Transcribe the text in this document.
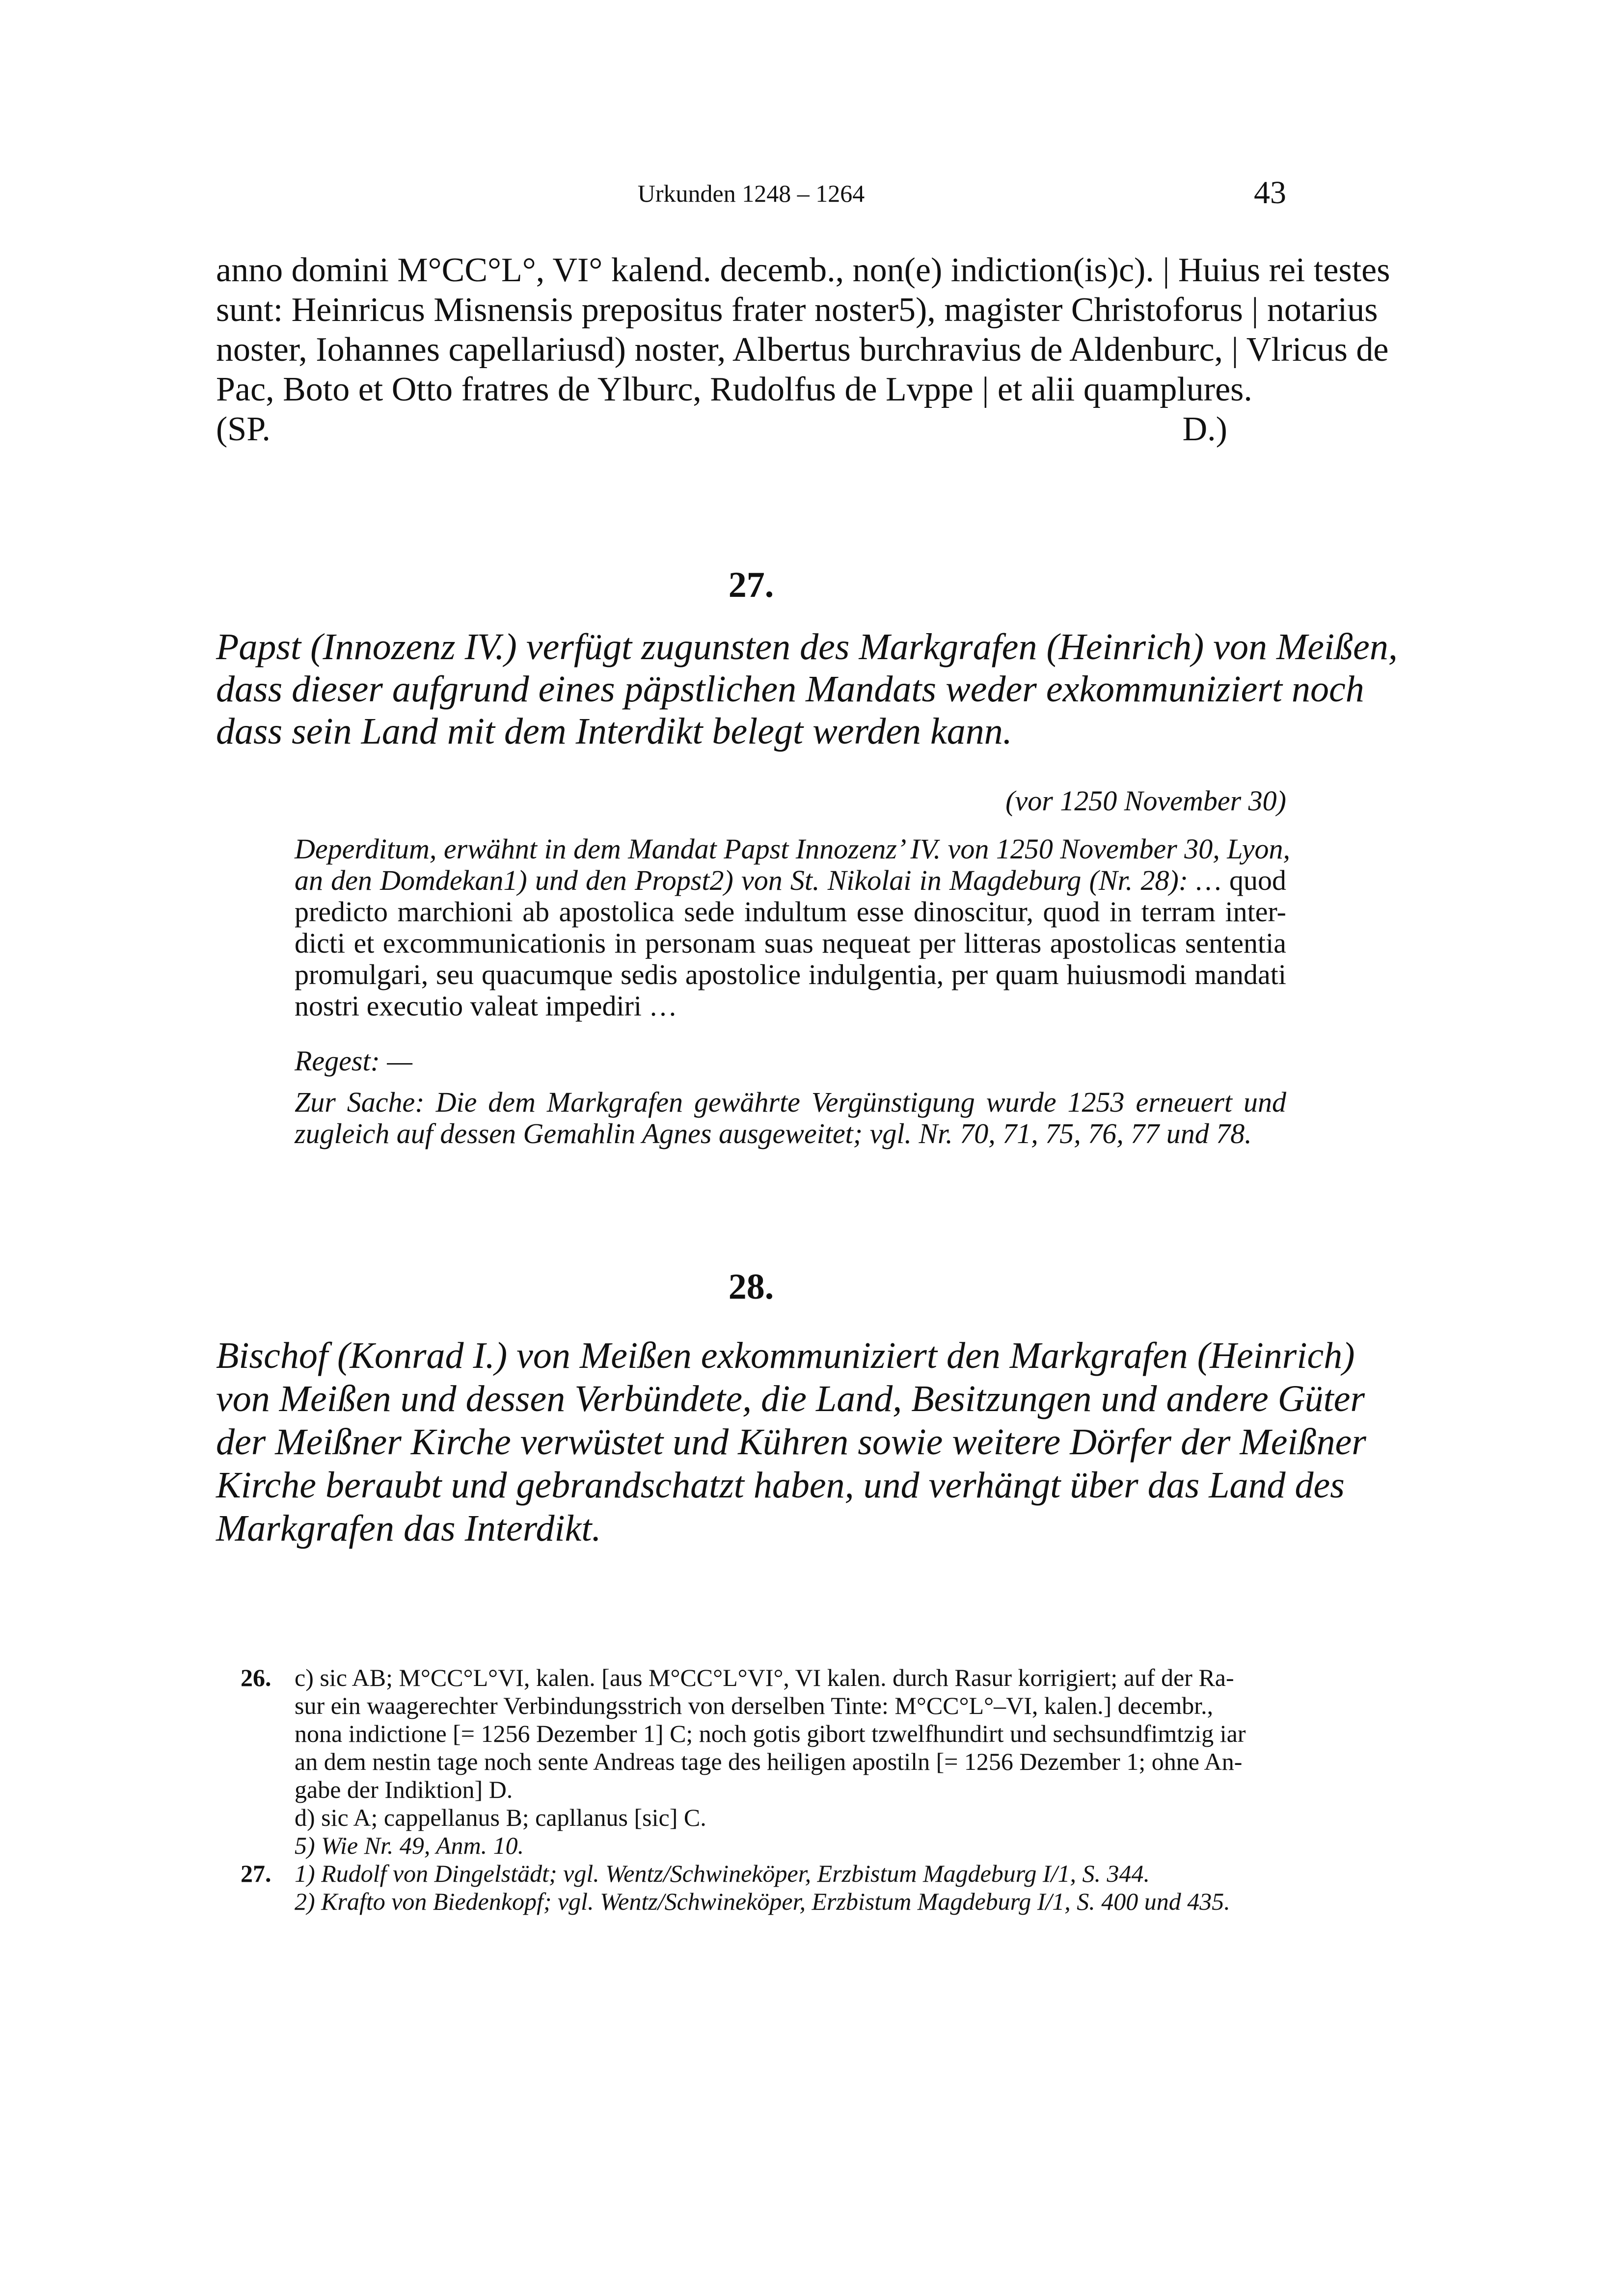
Urkunden 1248 – 1264	43
anno domini M°CC°L°, VI° kalend. decemb., non(e) indiction(is)c). | Huius rei testes
sunt: Heinricus Misnensis prepositus frater noster5), magister Christoforus | notarius
noster, Iohannes capellariusd) noster, Albertus burchravius de Aldenburc, | Vlricus de
Pac, Boto et Otto fratres de Ylburc, Rudolfus de Lvppe | et alii quamplures.
(SP. D.)
27.
Papst (Innozenz IV.) verfügt zugunsten des Markgrafen (Heinrich) von Meißen,
dass dieser aufgrund eines päpstlichen Mandats weder exkommuniziert noch
dass sein Land mit dem Interdikt belegt werden kann.
(vor 1250 November 30)
Deperditum, erwähnt in dem Mandat Papst Innozenz’ IV. von 1250 November 30, Lyon,
an den Domdekan1) und den Propst2) von St. Nikolai in Magdeburg (Nr. 28): … quod
predicto marchioni ab apostolica sede indultum esse dinoscitur, quod in terram inter-
dicti et excommunicationis in personam suas nequeat per litteras apostolicas sententia
promulgari, seu quacumque sedis apostolice indulgentia, per quam huiusmodi mandati
nostri executio valeat impediri …
Regest: —
Zur Sache: Die dem Markgrafen gewährte Vergünstigung wurde 1253 erneuert und
zugleich auf dessen Gemahlin Agnes ausgeweitet; vgl. Nr. 70, 71, 75, 76, 77 und 78.
28.
Bischof (Konrad I.) von Meißen exkommuniziert den Markgrafen (Heinrich)
von Meißen und dessen Verbündete, die Land, Besitzungen und andere Güter
der Meißner Kirche verwüstet und Kühren sowie weitere Dörfer der Meißner
Kirche beraubt und gebrandschatzt haben, und verhängt über das Land des
Markgrafen das Interdikt.
26. c) sic AB; M°CC°L°VI, kalen. [aus M°CC°L°VI°, VI kalen. durch Rasur korrigiert; auf der Ra-
sur ein waagerechter Verbindungsstrich von derselben Tinte: M°CC°L°–VI, kalen.] decembr.,
nona indictione [= 1256 Dezember 1] C; noch gotis gibort tzwelfhundirt und sechsundfimtzig iar
an dem nestin tage noch sente Andreas tage des heiligen apostiln [= 1256 Dezember 1; ohne An-
gabe der Indiktion] D.
d) sic A; cappellanus B; capllanus [sic] C.
5) Wie Nr. 49, Anm. 10.
27. 1) Rudolf von Dingelstädt; vgl. Wentz/Schwineköper, Erzbistum Magdeburg I/1, S. 344.
2) Krafto von Biedenkopf; vgl. Wentz/Schwineköper, Erzbistum Magdeburg I/1, S. 400 und 435.
